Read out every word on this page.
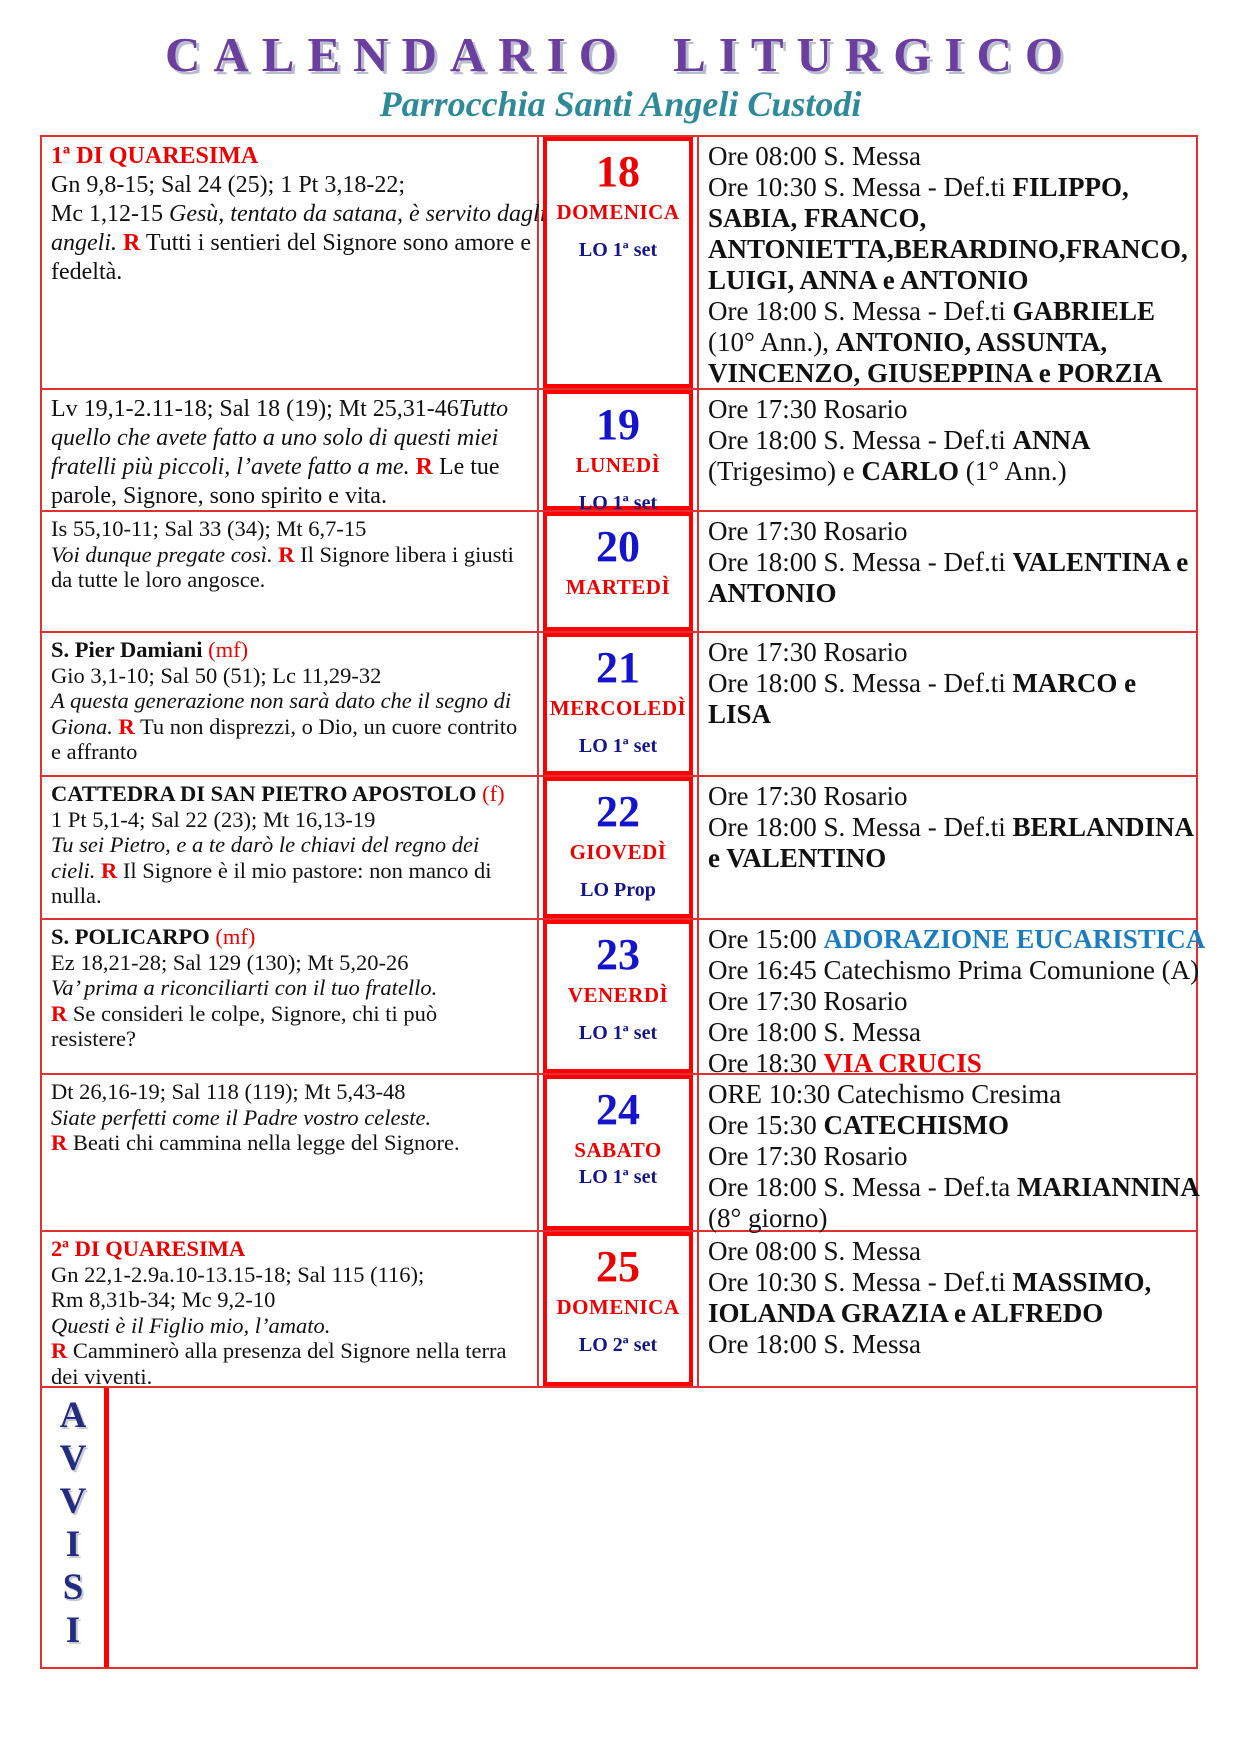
CALENDARIO LITURGICO
Parrocchia Santi Angeli Custodi
1ª DI QUARESIMA
Gn 9,8-15; Sal 24 (25); 1 Pt 3,18-22;
Mc 1,12-15 Gesù, tentato da satana, è servito dagli
angeli. R Tutti i sentieri del Signore sono amore e
fedeltà.
18
DOMENICA
LO 1ª set
Ore 08:00 S. Messa
Ore 10:30 S. Messa - Def.ti FILIPPO,
SABIA, FRANCO,
ANTONIETTA,BERARDINO,FRANCO,
LUIGI, ANNA e ANTONIO
Ore 18:00 S. Messa - Def.ti GABRIELE
(10° Ann.), ANTONIO, ASSUNTA,
VINCENZO, GIUSEPPINA e PORZIA
Lv 19,1-2.11-18; Sal 18 (19); Mt 25,31-46Tutto
quello che avete fatto a uno solo di questi miei
fratelli più piccoli, l’avete fatto a me. R Le tue
parole, Signore, sono spirito e vita.
19
LUNEDÌ
LO 1ª set
Ore 17:30 Rosario
Ore 18:00 S. Messa - Def.ti ANNA
(Trigesimo) e CARLO (1° Ann.)
Is 55,10-11; Sal 33 (34); Mt 6,7-15
Voi dunque pregate così. R Il Signore libera i giusti
da tutte le loro angosce.
20
MARTEDÌ
Ore 17:30 Rosario
Ore 18:00 S. Messa - Def.ti VALENTINA e
ANTONIO
S. Pier Damiani (mf)
Gio 3,1-10; Sal 50 (51); Lc 11,29-32
A questa generazione non sarà dato che il segno di
Giona. R Tu non disprezzi, o Dio, un cuore contrito
e affranto
21
MERCOLEDÌ
LO 1ª set
Ore 17:30 Rosario
Ore 18:00 S. Messa - Def.ti MARCO e
LISA
CATTEDRA DI SAN PIETRO APOSTOLO (f)
1 Pt 5,1-4; Sal 22 (23); Mt 16,13-19
Tu sei Pietro, e a te darò le chiavi del regno dei
cieli. R Il Signore è il mio pastore: non manco di
nulla.
22
GIOVEDÌ
LO Prop
Ore 17:30 Rosario
Ore 18:00 S. Messa - Def.ti BERLANDINA
e VALENTINO
S. POLICARPO (mf)
Ez 18,21-28; Sal 129 (130); Mt 5,20-26
Va’ prima a riconciliarti con il tuo fratello.
R Se consideri le colpe, Signore, chi ti può
resistere?
23
VENERDÌ
LO 1ª set
Ore 15:00 ADORAZIONE EUCARISTICA
Ore 16:45 Catechismo Prima Comunione (A)
Ore 17:30 Rosario
Ore 18:00 S. Messa
Ore 18:30 VIA CRUCIS
Dt 26,16-19; Sal 118 (119); Mt 5,43-48
Siate perfetti come il Padre vostro celeste.
R Beati chi cammina nella legge del Signore.
24
SABATO
LO 1ª set
ORE 10:30 Catechismo Cresima
Ore 15:30 CATECHISMO
Ore 17:30 Rosario
Ore 18:00 S. Messa - Def.ta MARIANNINA
(8° giorno)
2ª DI QUARESIMA
Gn 22,1-2.9a.10-13.15-18; Sal 115 (116);
Rm 8,31b-34; Mc 9,2-10
Questi è il Figlio mio, l’amato.
R Camminerò alla presenza del Signore nella terra
dei viventi.
25
DOMENICA
LO 2ª set
Ore 08:00 S. Messa
Ore 10:30 S. Messa - Def.ti MASSIMO,
IOLANDA GRAZIA e ALFREDO
Ore 18:00 S. Messa
A
V
V
I
S
I
